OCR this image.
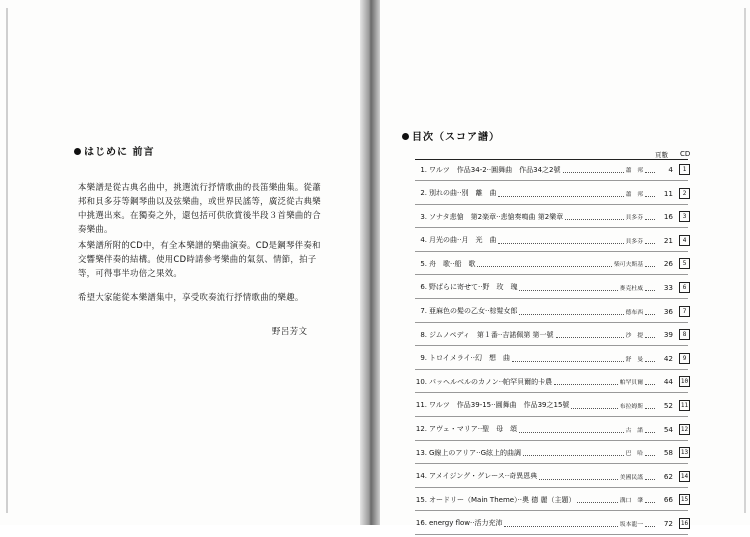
はじめに 前言
本樂譜是從古典名曲中，挑選流行抒情歌曲的長笛樂曲集。從蕭邦和貝多芬等鋼琴曲以及弦樂曲，或世界民謠等，廣泛從古典樂中挑選出來。在獨奏之外，還包括可供欣賞後半段３首樂曲的合奏樂曲。
本樂譜所附的CD中，有全本樂譜的樂曲演奏。CD是鋼琴伴奏和交響樂伴奏的結構。使用CD時請參考樂曲的氣氛、情節，拍子等，可得事半功倍之果效。
希望大家能從本樂譜集中，享受吹奏流行抒情歌曲的樂趣。
野呂芳文
目次（スコア譜）
頁數 CD
1. ワルツ　作品34-2··圓舞曲　作品34之2號	蕭　邦	4	1
2. 別れの曲··別　離　曲	蕭　邦	11	2
3. ソナタ悲愴　第2楽章··悲愴奏鳴曲 第2樂章	貝多芬	16	3
4. 月光の曲··月　光　曲	貝多芬	21	4
5. 舟　歌··船　歌	柴可夫斯基	26	5
6. 野ばらに寄せて··野　玫　瑰	麥克杜威	33	6
7. 亜麻色の髪の乙女··棕髮女郎	德布西	36	7
8. ジムノペディ　第１番··吉諾佩第 第一號	沙　提	39	8
9. トロイメライ··幻　想　曲	舒　曼	42	9
10. パッヘルベルのカノン··帕罕貝爾的卡農	帕罕貝爾	44	10
11. ワルツ　作品39-15··圓舞曲　作品39之15號	布拉姆斯	52	11
12. アヴェ・マリア··聖　母　頌	古　諾	54	12
13. G線上のアリア··G絃上的曲調	巴　哈	58	13
14. アメイジング・グレース··奇異恩典	美國民謠	62	14
15. オードリー（Main Theme）··奧 德 麗（主題）	溝口　肇	66	15
16. energy flow··活力充沛	坂本龍一	72	16
